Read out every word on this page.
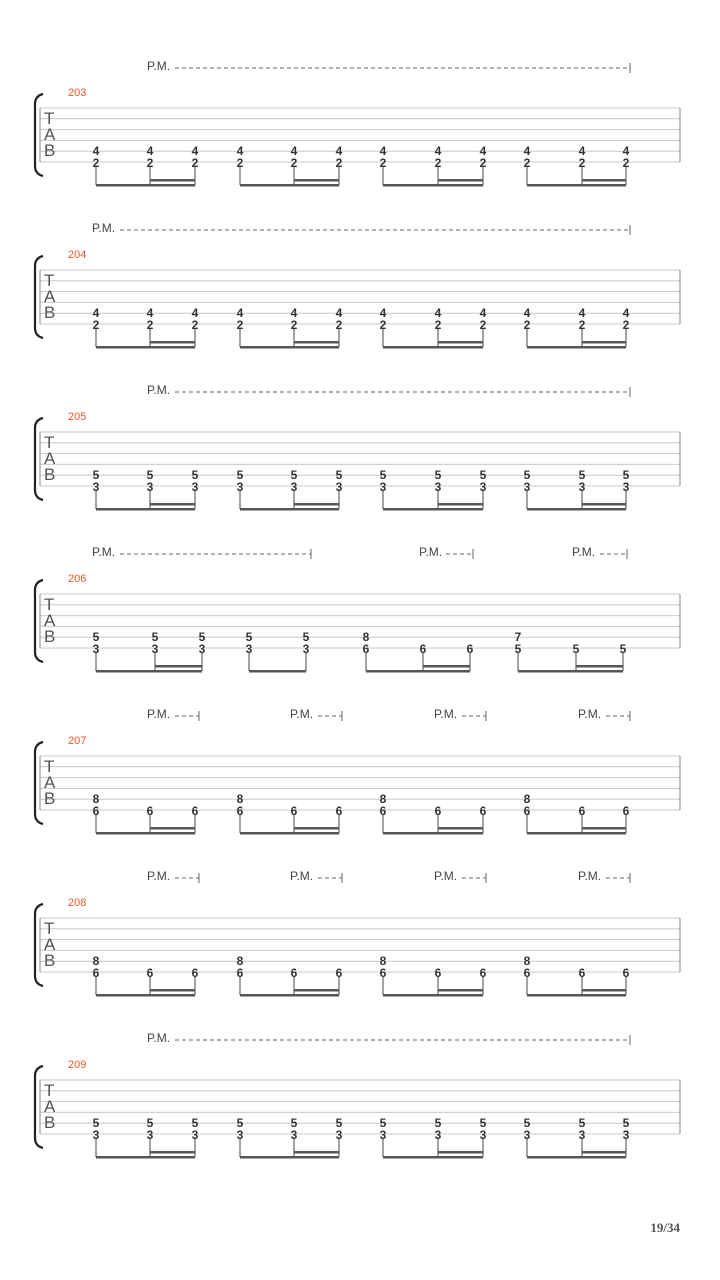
P.M.
203
T
A
B	4
2
4
2
4
2
4
2
4
2
4
2
4
2
4
2
4
2
4
2
4
2
4
2
P.M.
204
T
A
B	4
2
4
2
4
2
4
2
4
2
4
2
4
2
4
2
4
2
4
2
4
2
4
2
P.M.
205
T
A
B	5
3
5
3
5
3
5
3
5
3
5
3
5
3
5
3
5
3
5
3
5
3
5
3
P.M.	P.M.	P.M.
206
T
A
B	5
3
5
3
5
3
5
3
5
3
8
6	6	6
7
5	5	5
P.M.	P.M.	P.M.	P.M.
207
T
A
B	8
6	6	6
8
6	6	6
8
6	6	6
8
6	6	6
P.M.	P.M.	P.M.	P.M.
208
T
A
B	8
6	6	6
8
6	6	6
8
6	6	6
8
6	6	6
P.M.
209
T
A
B	5
3
5
3
5
3
5
3
5
3
5
3
5
3
5
3
5
3
5
3
5
3
5
3
19/34
